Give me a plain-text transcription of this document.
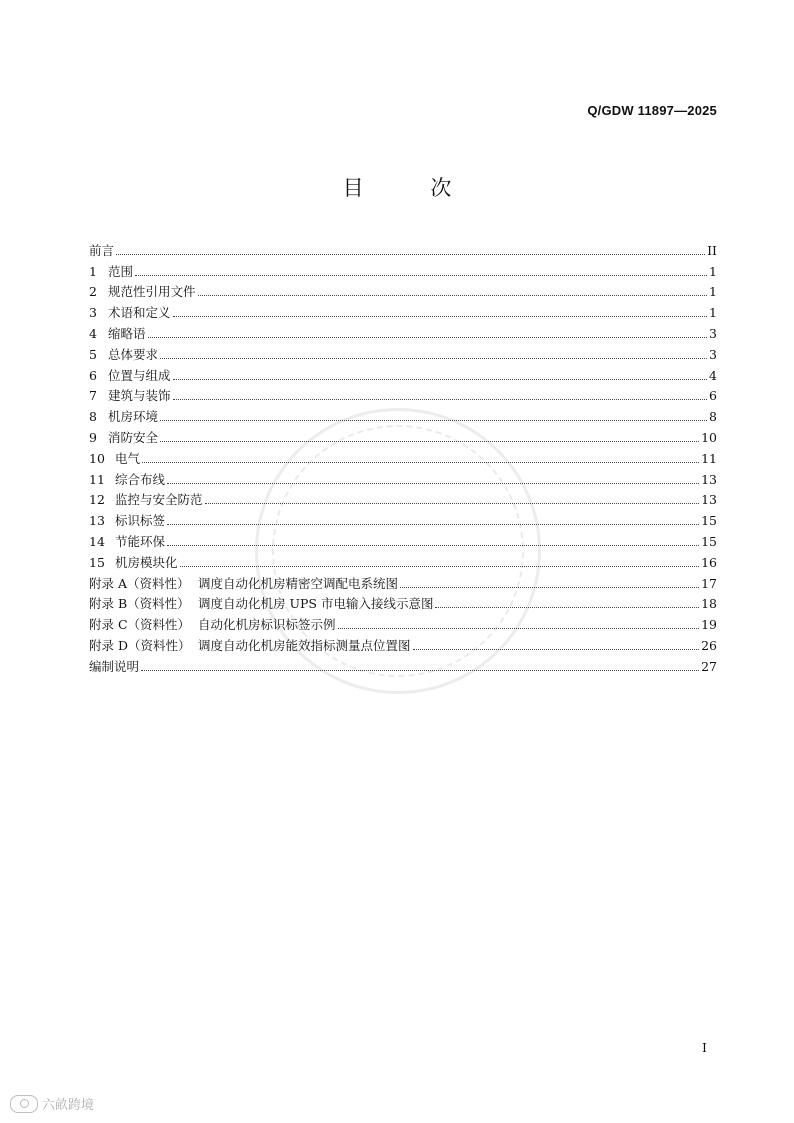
Q/GDW 11897—2025
目 次
前言	II
1 范围	1
2 规范性引用文件	1
3 术语和定义	1
4 缩略语	3
5 总体要求	3
6 位置与组成	4
7 建筑与装饰	6
8 机房环境	8
9 消防安全	10
10 电气	11
11 综合布线	13
12 监控与安全防范	13
13 标识标签	15
14 节能环保	15
15 机房模块化	16
附录 A（资料性） 调度自动化机房精密空调配电系统图	17
附录 B（资料性） 调度自动化机房 UPS 市电输入接线示意图	18
附录 C（资料性） 自动化机房标识标签示例	19
附录 D（资料性） 调度自动化机房能效指标测量点位置图	26
编制说明	27
I
六畝跨境
